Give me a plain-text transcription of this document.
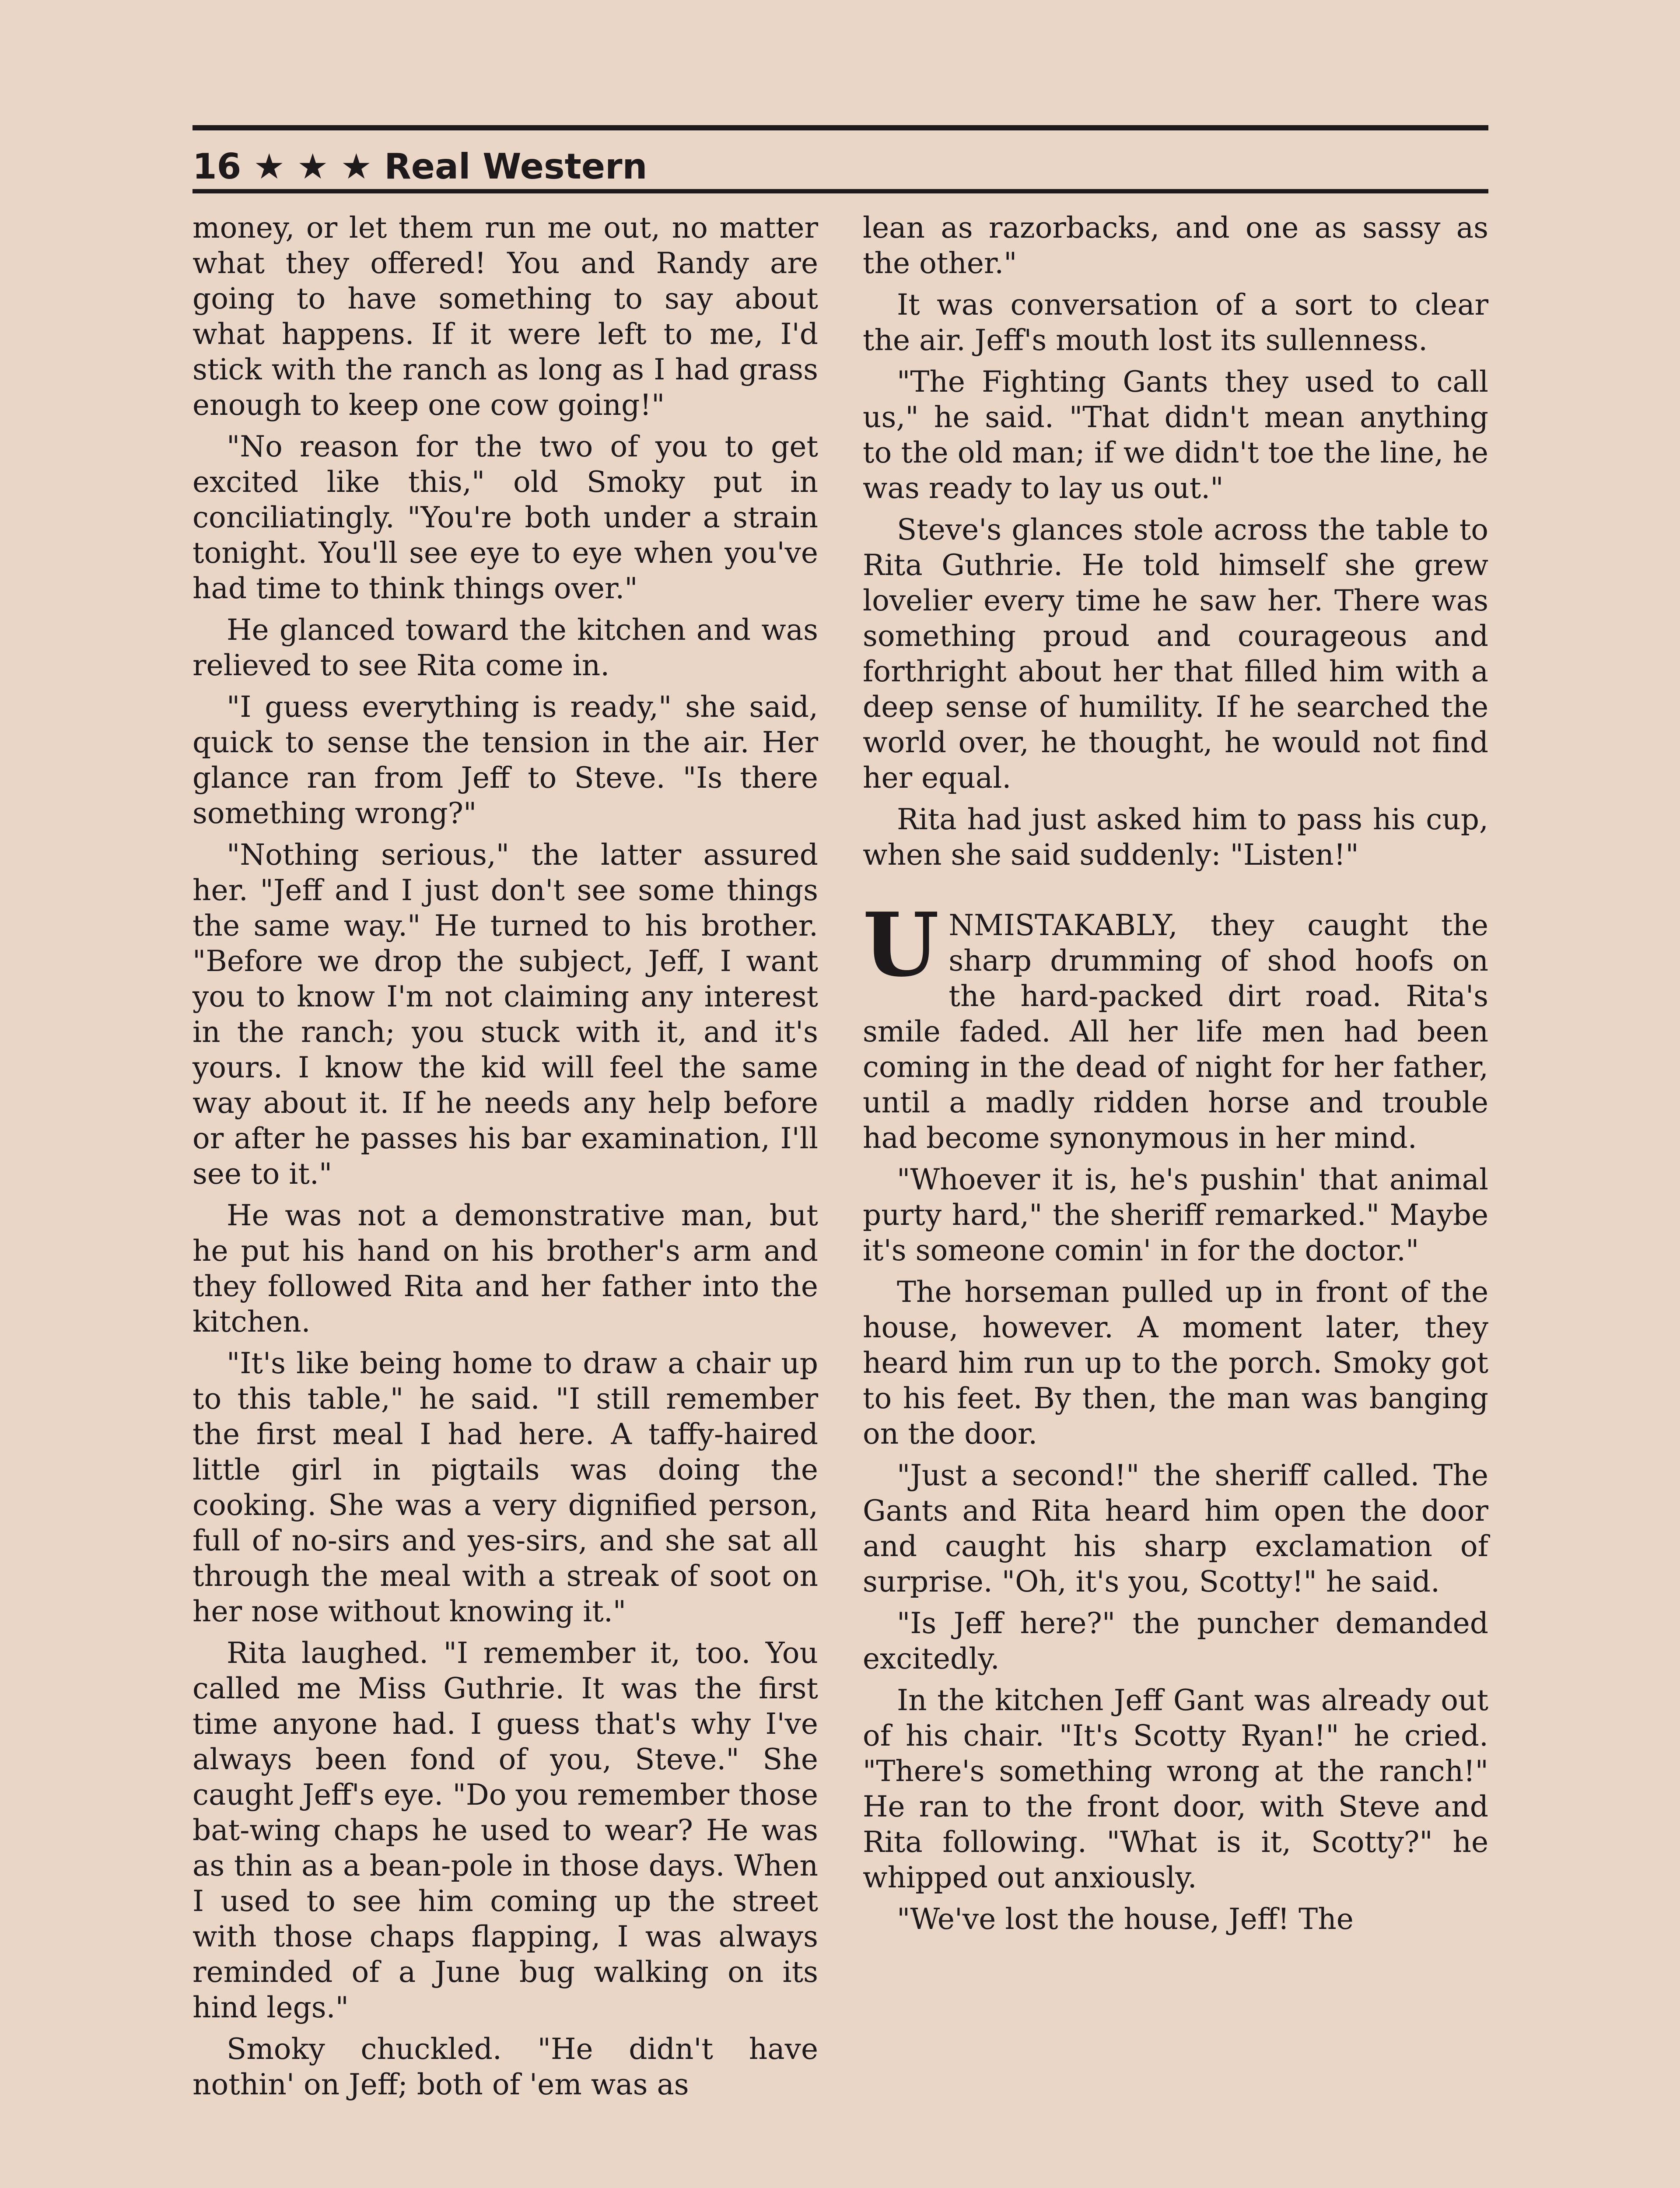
16 ★ ★ ★ Real Western

money, or let them run me out, no matter what they offered! You and Randy are going to have something to say about what happens. If it were left to me, I'd stick with the ranch as long as I had grass enough to keep one cow going!"

"No reason for the two of you to get excited like this," old Smoky put in conciliatingly. "You're both under a strain tonight. You'll see eye to eye when you've had time to think things over."

He glanced toward the kitchen and was relieved to see Rita come in.

"I guess everything is ready," she said, quick to sense the tension in the air. Her glance ran from Jeff to Steve. "Is there something wrong?"

"Nothing serious," the latter assured her. "Jeff and I just don't see some things the same way." He turned to his brother. "Before we drop the subject, Jeff, I want you to know I'm not claiming any interest in the ranch; you stuck with it, and it's yours. I know the kid will feel the same way about it. If he needs any help before or after he passes his bar examination, I'll see to it."

He was not a demonstrative man, but he put his hand on his brother's arm and they followed Rita and her father into the kitchen.

"It's like being home to draw a chair up to this table," he said. "I still remember the first meal I had here. A taffy-haired little girl in pigtails was doing the cooking. She was a very dignified person, full of no-sirs and yes-sirs, and she sat all through the meal with a streak of soot on her nose without knowing it."

Rita laughed. "I remember it, too. You called me Miss Guthrie. It was the first time anyone had. I guess that's why I've always been fond of you, Steve." She caught Jeff's eye. "Do you remember those bat-wing chaps he used to wear? He was as thin as a bean-pole in those days. When I used to see him coming up the street with those chaps flapping, I was always reminded of a June bug walking on its hind legs."

Smoky chuckled. "He didn't have nothin' on Jeff; both of 'em was as

lean as razorbacks, and one as sassy as the other."

It was conversation of a sort to clear the air. Jeff's mouth lost its sullenness.

"The Fighting Gants they used to call us," he said. "That didn't mean anything to the old man; if we didn't toe the line, he was ready to lay us out."

Steve's glances stole across the table to Rita Guthrie. He told himself she grew lovelier every time he saw her. There was something proud and courageous and forthright about her that filled him with a deep sense of humility. If he searched the world over, he thought, he would not find her equal.

Rita had just asked him to pass his cup, when she said suddenly: "Listen!"

UNMISTAKABLY, they caught the sharp drumming of shod hoofs on the hard-packed dirt road. Rita's smile faded. All her life men had been coming in the dead of night for her father, until a madly ridden horse and trouble had become synonymous in her mind.

"Whoever it is, he's pushin' that animal purty hard," the sheriff remarked." Maybe it's someone comin' in for the doctor."

The horseman pulled up in front of the house, however. A moment later, they heard him run up to the porch. Smoky got to his feet. By then, the man was banging on the door.

"Just a second!" the sheriff called. The Gants and Rita heard him open the door and caught his sharp exclamation of surprise. "Oh, it's you, Scotty!" he said.

"Is Jeff here?" the puncher demanded excitedly.

In the kitchen Jeff Gant was already out of his chair. "It's Scotty Ryan!" he cried. "There's something wrong at the ranch!" He ran to the front door, with Steve and Rita following. "What is it, Scotty?" he whipped out anxiously.

"We've lost the house, Jeff! The
